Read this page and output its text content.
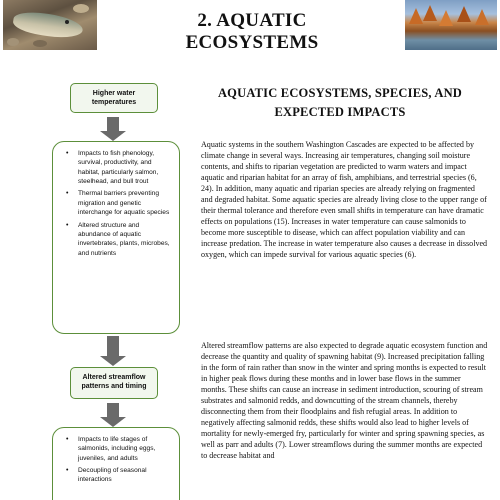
2. AQUATIC ECOSYSTEMS
Higher water temperatures
• Impacts to fish phenology, survival, productivity, and habitat, particularly salmon, steelhead, and bull trout
• Thermal barriers preventing migration and genetic interchange for aquatic species
• Altered structure and abundance of aquatic invertebrates, plants, microbes, and nutrients
Altered streamflow patterns and timing
• Impacts to life stages of salmonids, including eggs, juveniles, and adults
• Decoupling of seasonal interactions
AQUATIC ECOSYSTEMS, SPECIES, AND EXPECTED IMPACTS

Aquatic systems in the southern Washington Cascades are expected to be affected by climate change in several ways. Increasing air temperatures, changing soil moisture contents, and shifts to riparian vegetation are predicted to warm waters and impact aquatic and riparian habitat for an array of fish, amphibians, and terrestrial species (6, 24). In addition, many aquatic and riparian species are already relying on fragmented and degraded habitat. Some aquatic species are already living close to the upper range of their thermal tolerance and therefore even small shifts in temperature can have dramatic effects on populations (15). Increases in water temperature can cause salmonids to become more susceptible to disease, which can affect population viability and can increase predation. The increase in water temperature also causes a decrease in dissolved oxygen, which can impede survival for various aquatic species (6).

Altered streamflow patterns are also expected to degrade aquatic ecosystem function and decrease the quantity and quality of spawning habitat (9). Increased precipitation falling in the form of rain rather than snow in the winter and spring months is expected to result in higher peak flows during these months and in lower base flows in the summer months. These shifts can cause an increase in sediment introduction, scouring of stream substrates and salmonid redds, and downcutting of the stream channels, thereby disconnecting them from their floodplains and fish refugial areas. In addition to negatively affecting salmonid redds, these shifts would also lead to higher levels of mortality for newly-emerged fry, particularly for winter and spring spawning species, as well as parr and adults (7). Lower streamflows during the summer months are expected to decrease habitat and
